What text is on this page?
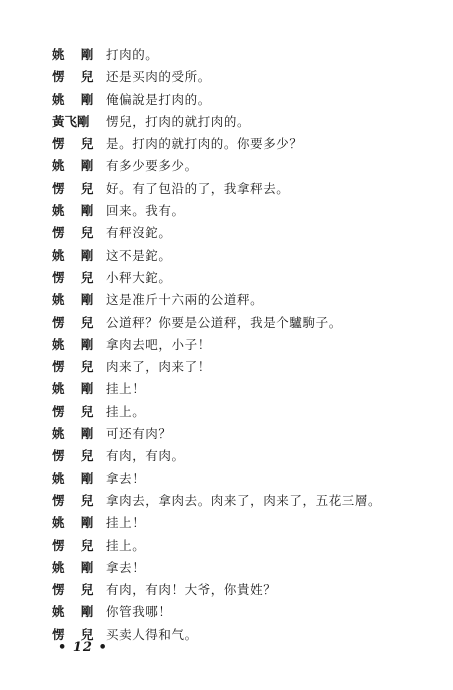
姚 剛 打肉的。
愣 兒 还是买肉的受所。
姚 剛 俺偏說是打肉的。
黃飞剛	愣兒，打肉的就打肉的。
愣 兒 是。打肉的就打肉的。你要多少？
姚 剛 有多少要多少。
愣 兒 好。有了包沿的了，我拿秤去。
姚 剛 回来。我有。
愣 兒 有秤沒鉈。
姚 剛 这不是鉈。
愣 兒 小秤大鉈。
姚 剛 这是准斤十六兩的公道秤。
愣 兒 公道秤？你要是公道秤，我是个驢駒子。
姚 剛 拿肉去吧，小子！
愣 兒 肉来了，肉来了！
姚 剛 挂上！
愣 兒 挂上。
姚 剛 可还有肉？
愣 兒 有肉，有肉。
姚 剛 拿去！
愣 兒 拿肉去，拿肉去。肉来了，肉来了，五花三層。
姚 剛 挂上！
愣 兒 挂上。
姚 剛 拿去！
愣 兒 有肉，有肉！大爷，你貴姓？
姚 剛 你管我哪！
愣 兒 买卖人得和气。
• 12 •
